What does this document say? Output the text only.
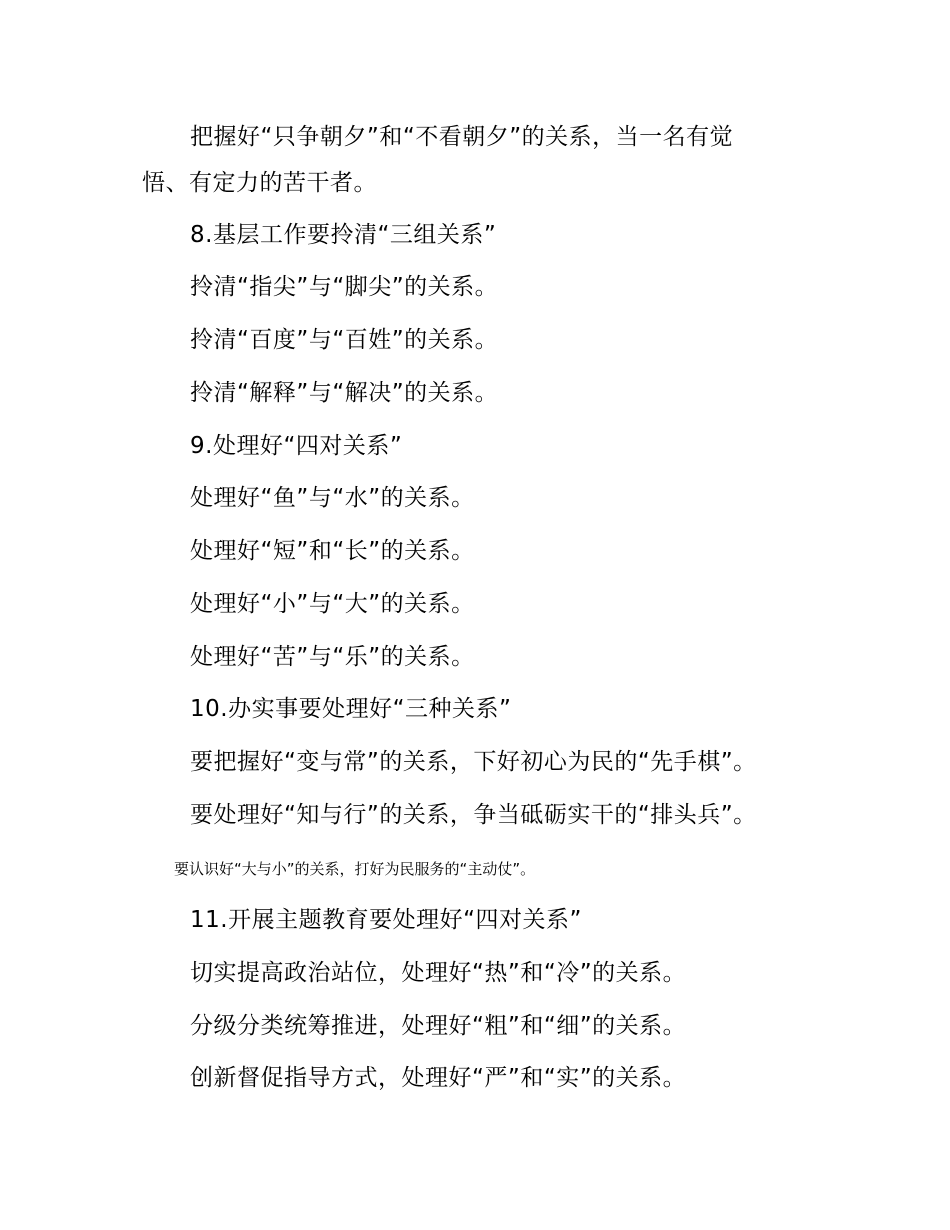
把握好“只争朝夕”和“不看朝夕”的关系，当一名有觉
悟、有定力的苦干者。
8.基层工作要拎清“三组关系”
拎清“指尖”与“脚尖”的关系。
拎清“百度”与“百姓”的关系。
拎清“解释”与“解决”的关系。
9.处理好“四对关系”
处理好“鱼”与“水”的关系。
处理好“短”和“长”的关系。
处理好“小”与“大”的关系。
处理好“苦”与“乐”的关系。
10.办实事要处理好“三种关系”
要把握好“变与常”的关系，下好初心为民的“先手棋”。
要处理好“知与行”的关系，争当砥砺实干的“排头兵”。
要认识好“大与小”的关系，打好为民服务的“主动仗”。
11.开展主题教育要处理好“四对关系”
切实提高政治站位，处理好“热”和“冷”的关系。
分级分类统筹推进，处理好“粗”和“细”的关系。
创新督促指导方式，处理好“严”和“实”的关系。
